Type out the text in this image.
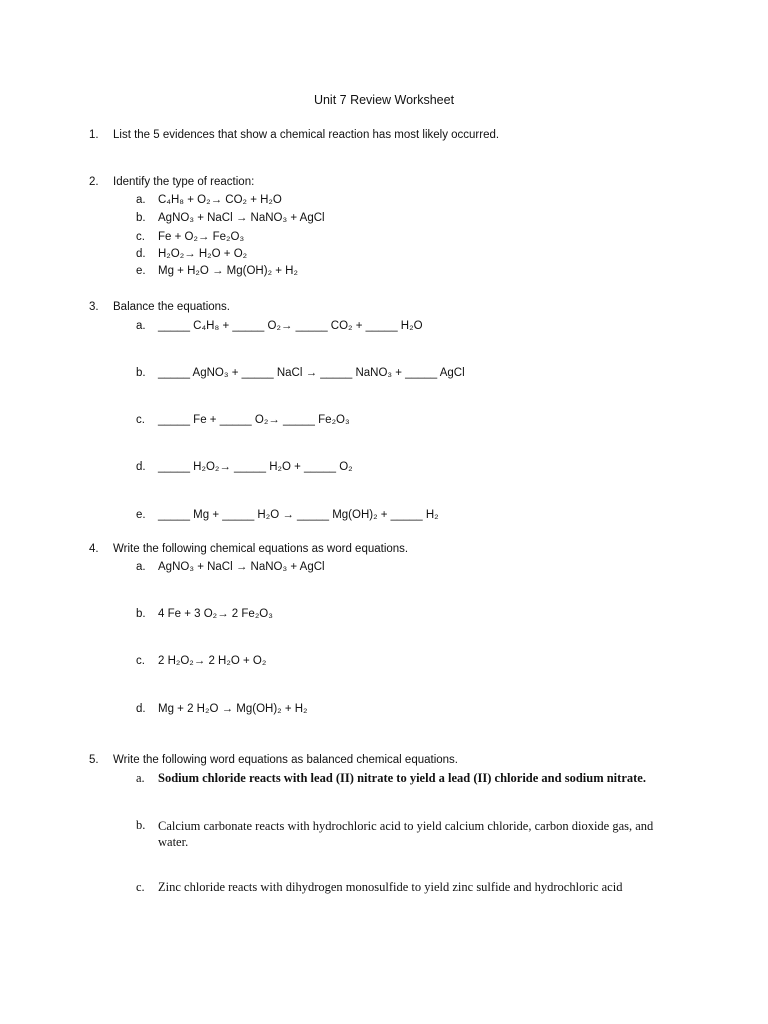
Unit 7 Review Worksheet
1.	List the 5 evidences that show a chemical reaction has most likely occurred.
2.	Identify the type of reaction:
a.	C₄H₈ + O₂→ CO₂ + H₂O
b.	AgNO₃ + NaCl → NaNO₃ + AgCl
c.	Fe + O₂→ Fe₂O₃
d.	H₂O₂→ H₂O + O₂
e.	Mg + H₂O → Mg(OH)₂ + H₂
3.	Balance the equations.
a.	_____ C₄H₈ + _____ O₂→ _____ CO₂ + _____ H₂O
b.	_____ AgNO₃ + _____ NaCl → _____ NaNO₃ + _____ AgCl
c.	_____ Fe + _____ O₂→ _____ Fe₂O₃
d.	_____ H₂O₂→ _____ H₂O + _____ O₂
e.	_____ Mg + _____ H₂O → _____ Mg(OH)₂ + _____ H₂
4.	Write the following chemical equations as word equations.
a.	AgNO₃ + NaCl → NaNO₃ + AgCl
b.	4 Fe + 3 O₂→ 2 Fe₂O₃
c.	2 H₂O₂→ 2 H₂O + O₂
d.	Mg + 2 H₂O → Mg(OH)₂ + H₂
5.	Write the following word equations as balanced chemical equations.
a.	Sodium chloride reacts with lead (II) nitrate to yield a lead (II) chloride and sodium nitrate.
b.	Calcium carbonate reacts with hydrochloric acid to yield calcium chloride, carbon dioxide gas, and water.
c.	Zinc chloride reacts with dihydrogen monosulfide to yield zinc sulfide and hydrochloric acid
